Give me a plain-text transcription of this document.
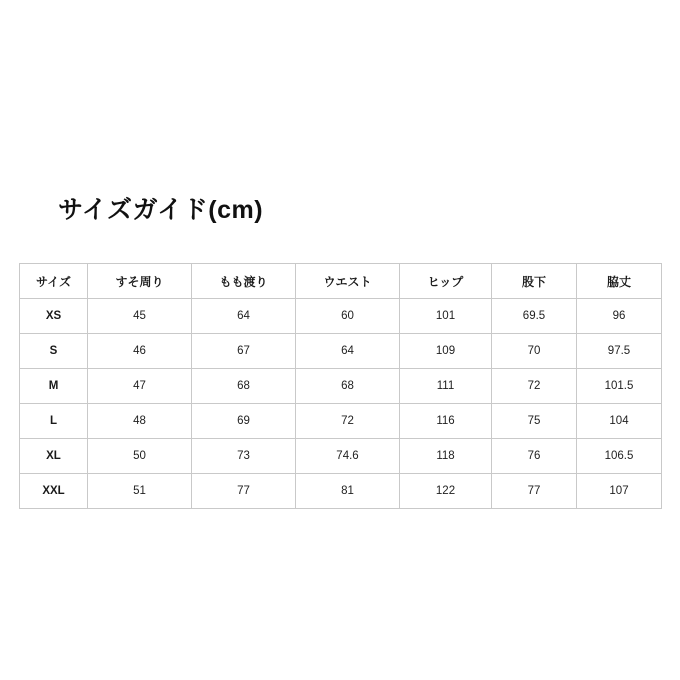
サイズガイド(cm)
サイズ	すそ周り	もも渡り	ウエスト	ヒップ	股下	脇丈
XS	45	64	60	101	69.5	96
S	46	67	64	109	70	97.5
M	47	68	68	111	72	101.5
L	48	69	72	116	75	104
XL	50	73	74.6	118	76	106.5
XXL	51	77	81	122	77	107
